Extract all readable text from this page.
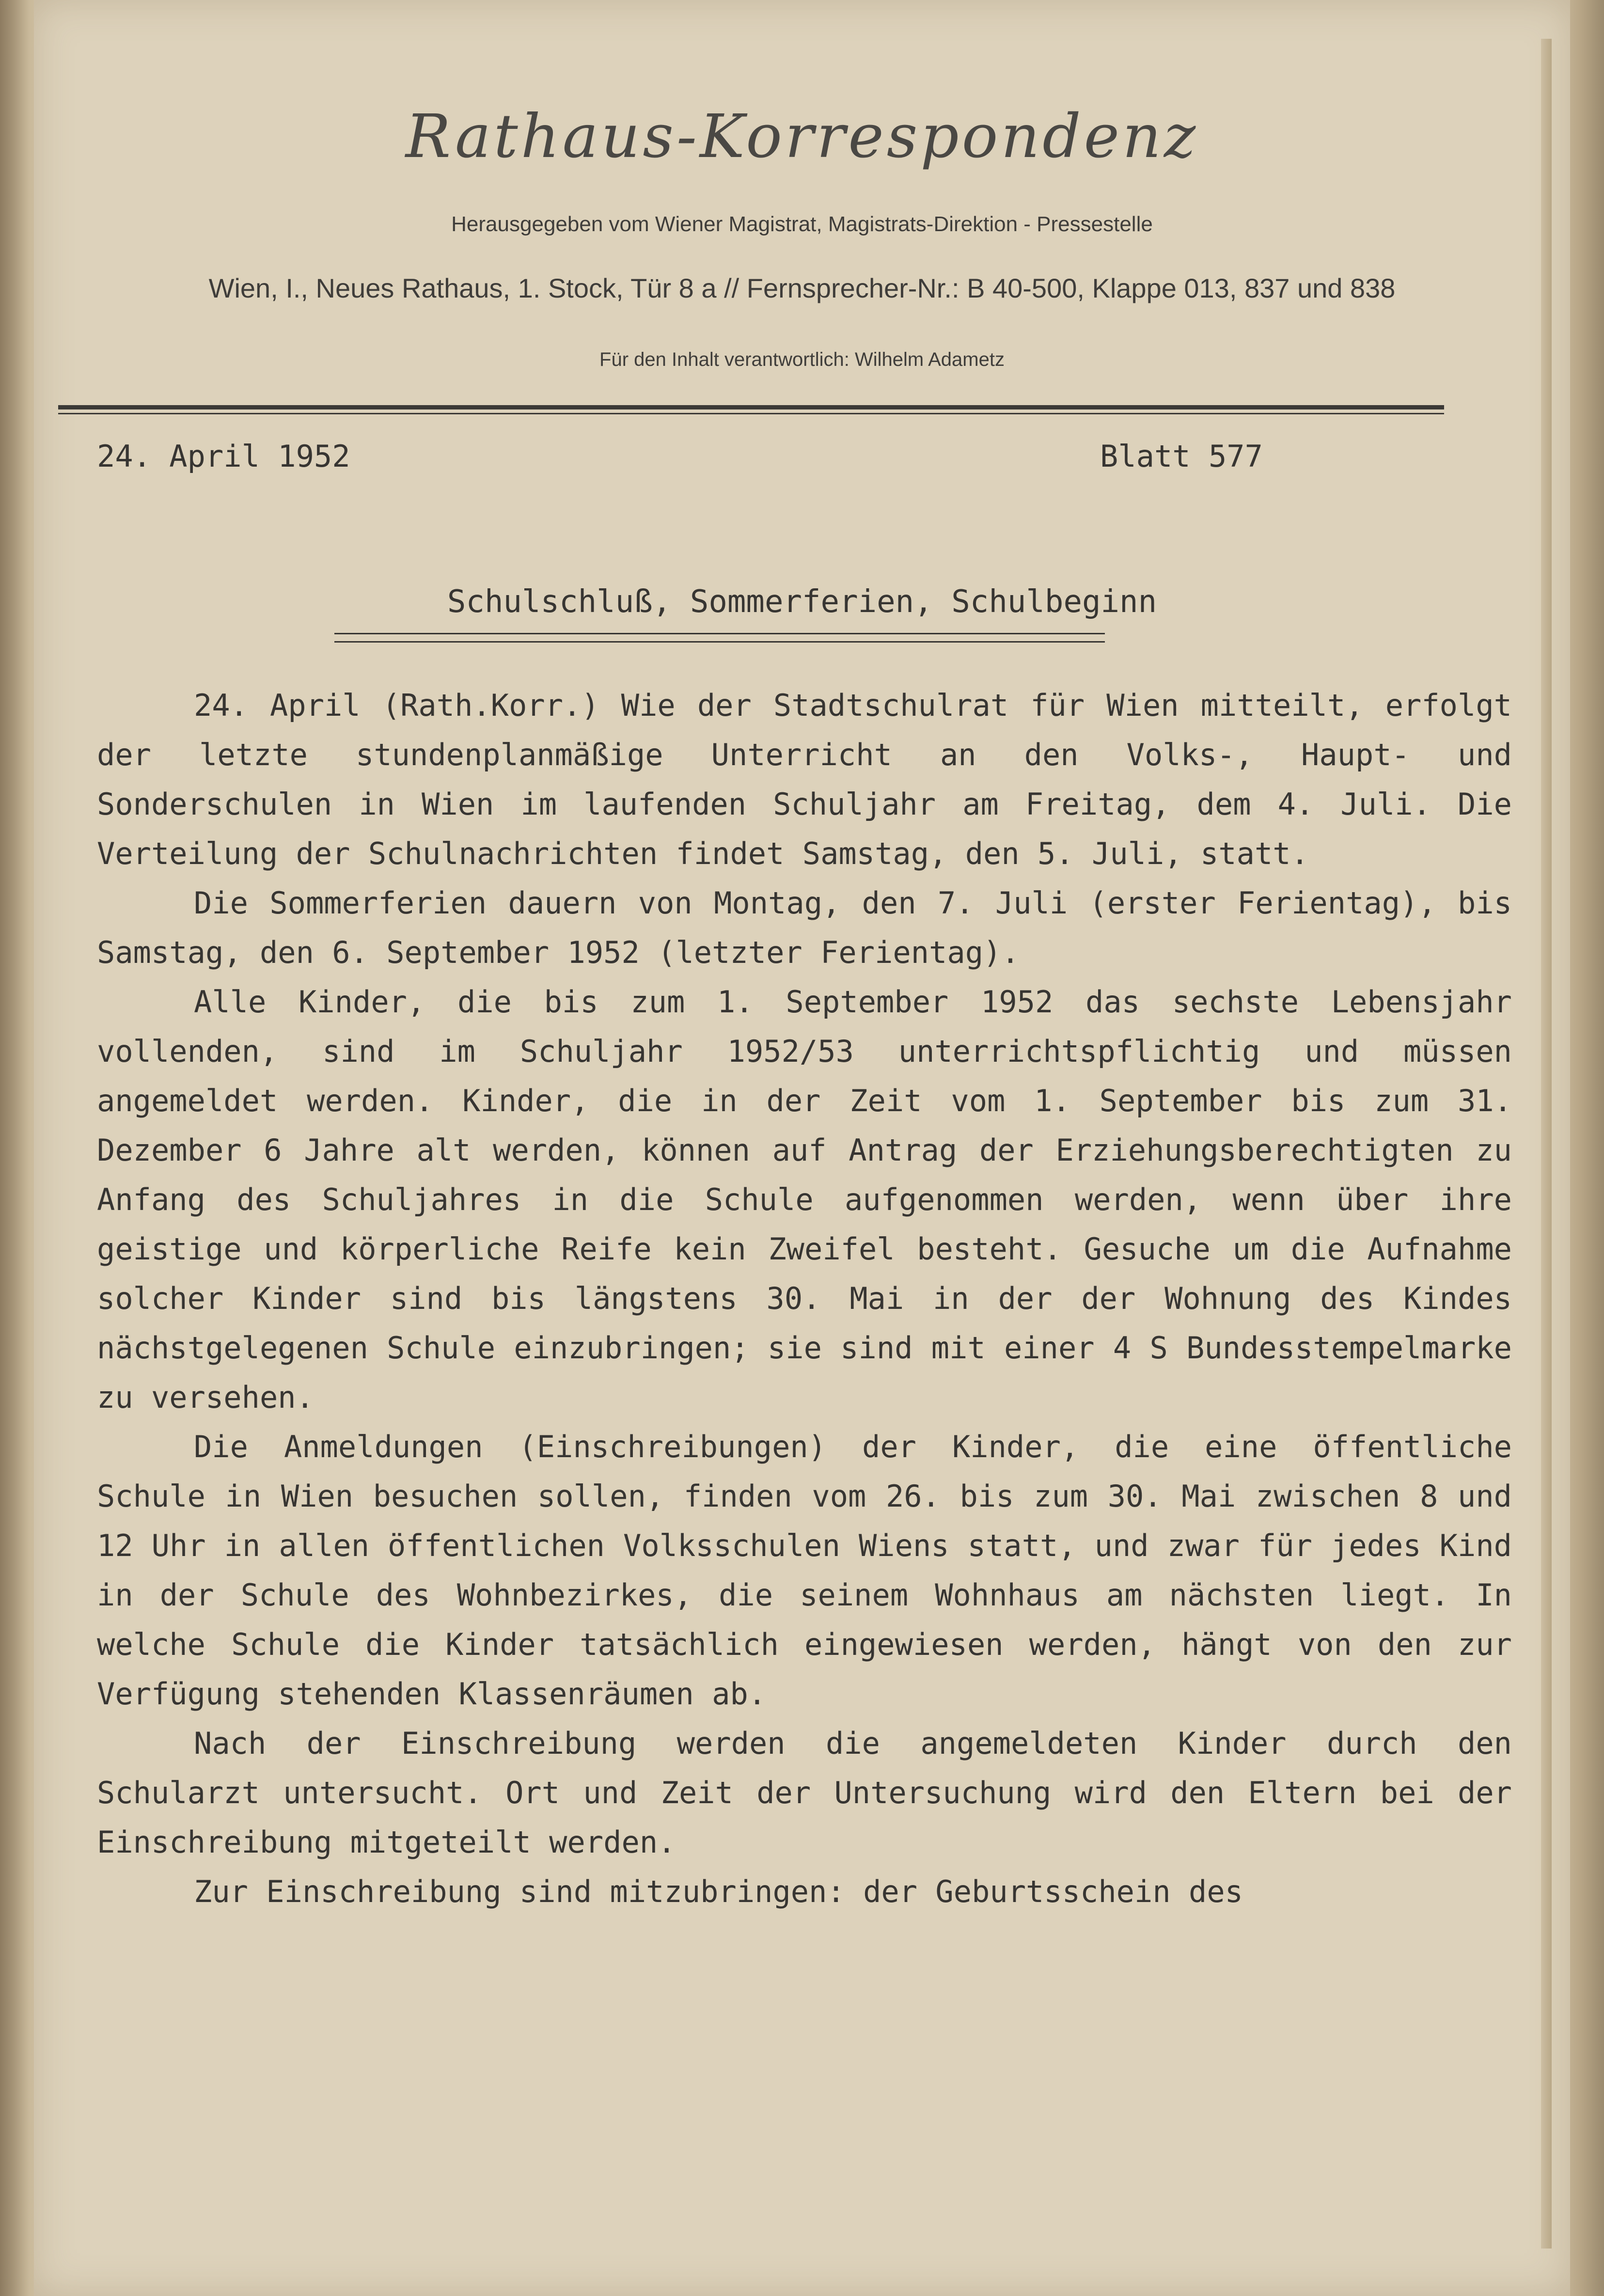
Rathaus-Korrespondenz
Herausgegeben vom Wiener Magistrat, Magistrats-Direktion - Pressestelle
Wien, I., Neues Rathaus, 1. Stock, Tür 8 a // Fernsprecher-Nr.: B 40-500, Klappe 013, 837 und 838
Für den Inhalt verantwortlich: Wilhelm Adametz
24. April 1952	Blatt 577
Schulschluß, Sommerferien, Schulbeginn

24. April (Rath.Korr.) Wie der Stadtschulrat für Wien mitteilt, erfolgt der letzte stundenplanmäßige Unterricht an den Volks-, Haupt- und Sonderschulen in Wien im laufenden Schuljahr am Freitag, dem 4. Juli. Die Verteilung der Schulnachrichten findet Samstag, den 5. Juli, statt.

Die Sommerferien dauern von Montag, den 7. Juli (erster Ferientag), bis Samstag, den 6. September 1952 (letzter Ferientag).

Alle Kinder, die bis zum 1. September 1952 das sechste Lebensjahr vollenden, sind im Schuljahr 1952/53 unterrichtspflichtig und müssen angemeldet werden. Kinder, die in der Zeit vom 1. September bis zum 31. Dezember 6 Jahre alt werden, können auf Antrag der Erziehungsberechtigten zu Anfang des Schuljahres in die Schule aufgenommen werden, wenn über ihre geistige und körperliche Reife kein Zweifel besteht. Gesuche um die Aufnahme solcher Kinder sind bis längstens 30. Mai in der der Wohnung des Kindes nächstgelegenen Schule einzubringen; sie sind mit einer 4 S Bundesstempelmarke zu versehen.

Die Anmeldungen (Einschreibungen) der Kinder, die eine öffentliche Schule in Wien besuchen sollen, finden vom 26. bis zum 30. Mai zwischen 8 und 12 Uhr in allen öffentlichen Volksschulen Wiens statt, und zwar für jedes Kind in der Schule des Wohnbezirkes, die seinem Wohnhaus am nächsten liegt. In welche Schule die Kinder tatsächlich eingewiesen werden, hängt von den zur Verfügung stehenden Klassenräumen ab.

Nach der Einschreibung werden die angemeldeten Kinder durch den Schularzt untersucht. Ort und Zeit der Untersuchung wird den Eltern bei der Einschreibung mitgeteilt werden.

Zur Einschreibung sind mitzubringen: der Geburtsschein des
